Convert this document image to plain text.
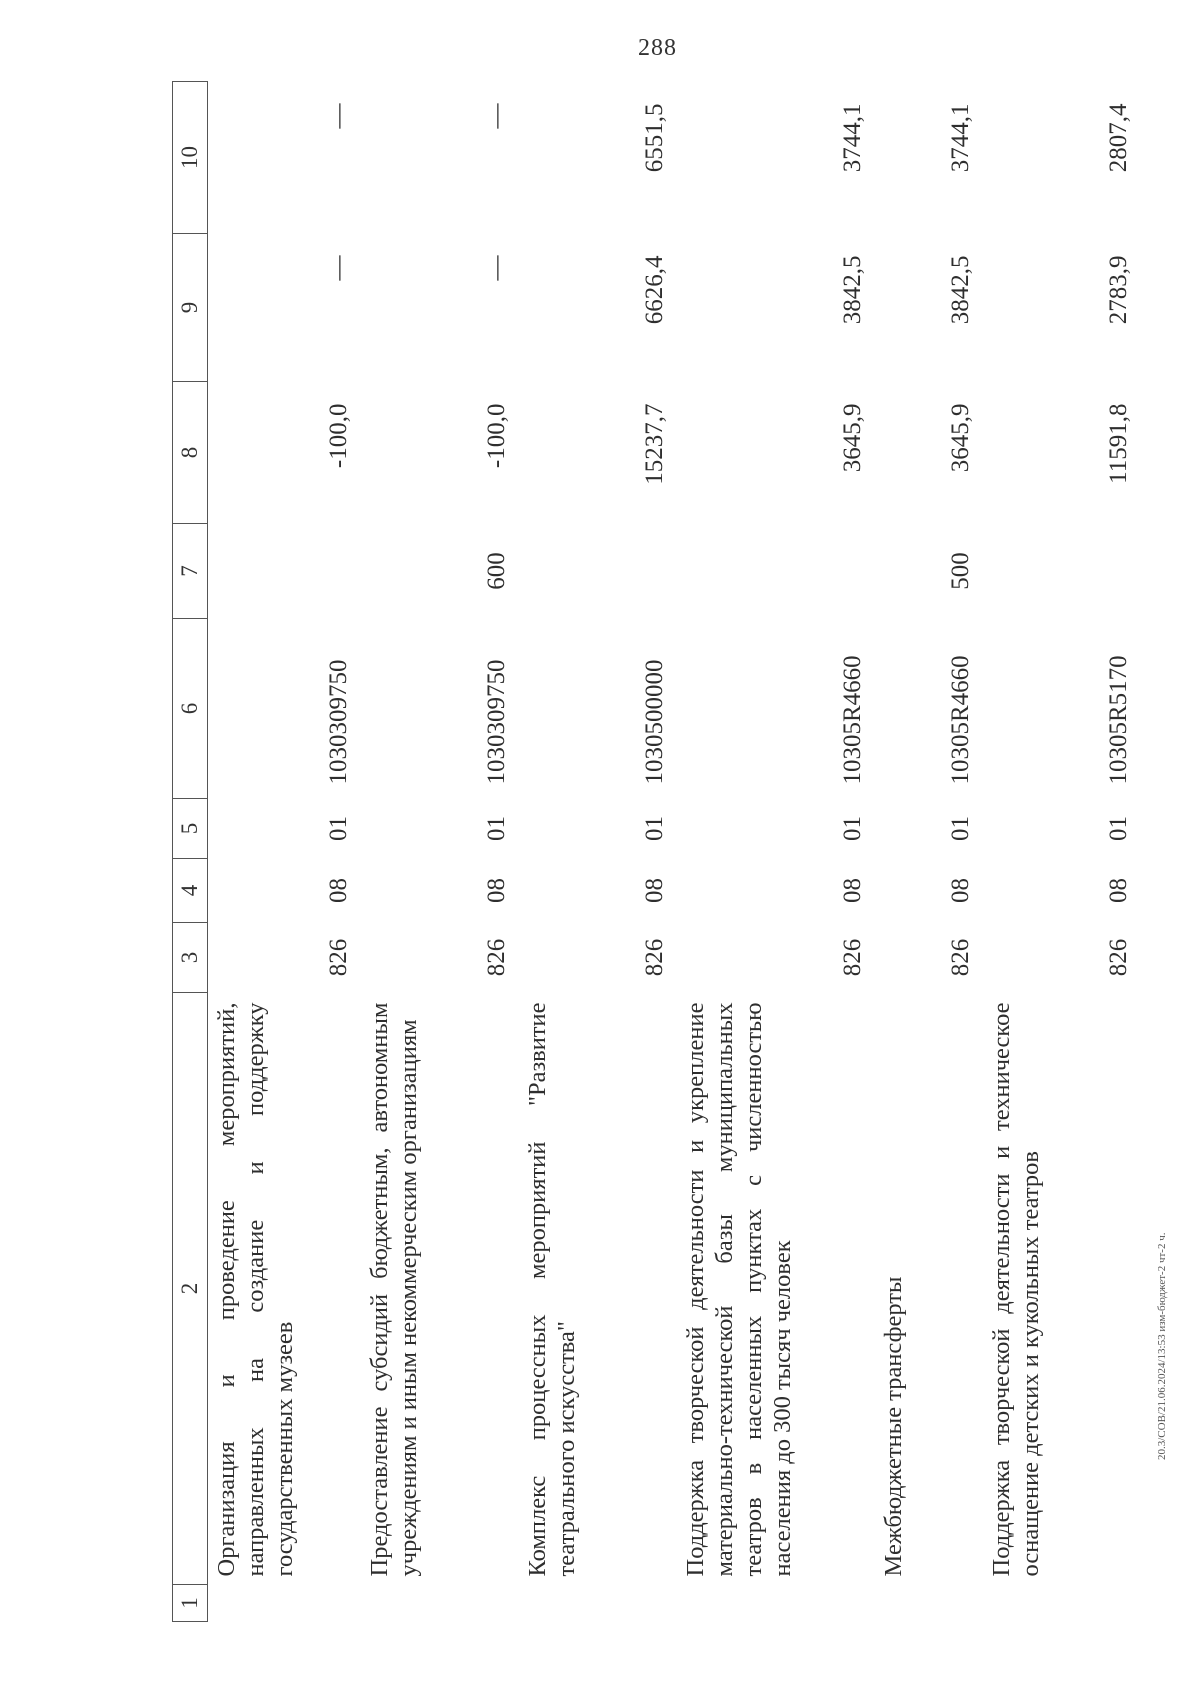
288
1	2	3	4	5	6	7	8	9	10
	Организация и проведение мероприятий, направленных на создание и поддержку государственных музеев	826	08	01	1030309750		-100,0	—	—
	Предоставление субсидий бюджетным, автономным учреждениям и иным некоммерческим организациям	826	08	01	1030309750	600	-100,0	—	—
	Комплекс процессных мероприятий "Развитие театрального искусства"	826	08	01	1030500000		15237,7	6626,4	6551,5
	Поддержка творческой деятельности и укрепление материально-технической базы муниципальных театров в населенных пунктах с численностью населения до 300 тысяч человек	826	08	01	10305R4660		3645,9	3842,5	3744,1
	Межбюджетные трансферты	826	08	01	10305R4660	500	3645,9	3842,5	3744,1
	Поддержка творческой деятельности и техническое оснащение детских и кукольных театров	826	08	01	10305R5170		11591,8	2783,9	2807,4
20.3/СОВ/21.06.2024/13:53 изм-бюджет-2 чт-2 ч.
